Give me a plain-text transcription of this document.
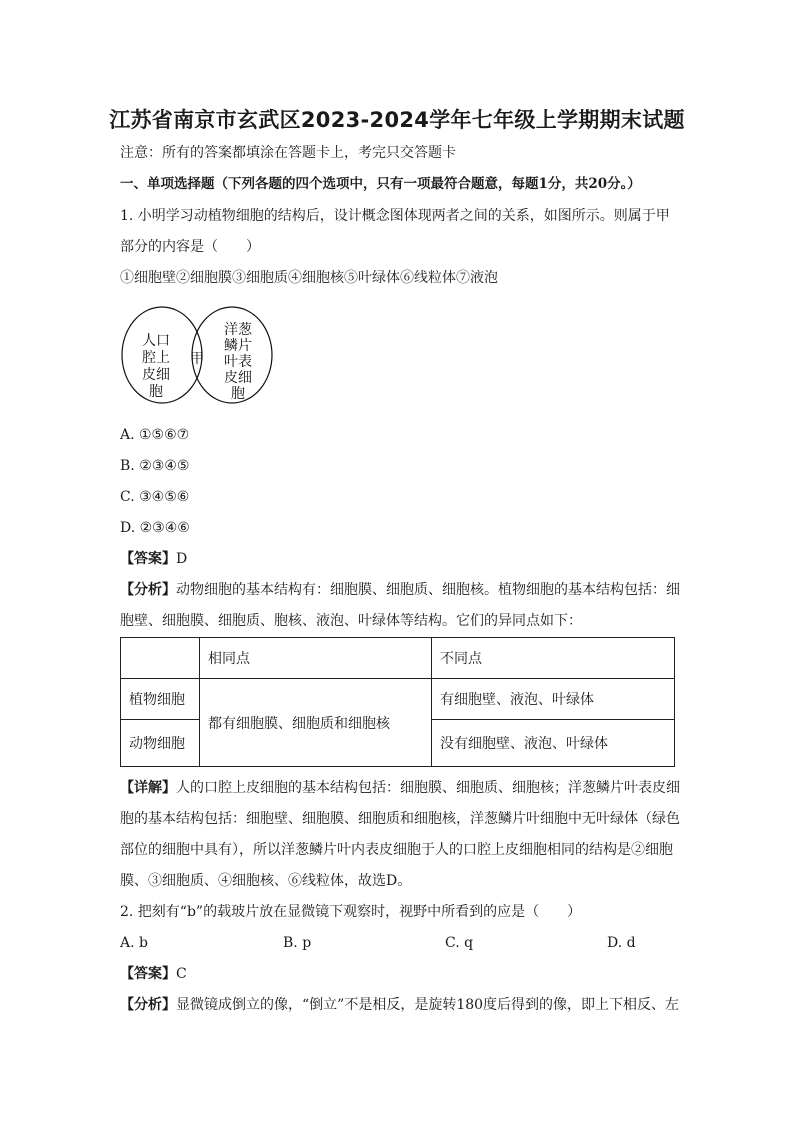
江苏省南京市玄武区2023-2024学年七年级上学期期末试题
注意：所有的答案都填涂在答题卡上，考完只交答题卡
一、单项选择题（下列各题的四个选项中，只有一项最符合题意，每题1分，共20分。）
1. 小明学习动植物细胞的结构后，设计概念图体现两者之间的关系，如图所示。则属于甲
部分的内容是（　　）
①细胞壁②细胞膜③细胞质④细胞核⑤叶绿体⑥线粒体⑦液泡
人口
腔上
皮细
胞
甲
洋葱
鳞片
叶表
皮细
胞
A. ①⑤⑥⑦
B. ②③④⑤
C. ③④⑤⑥
D. ②③④⑥
【答案】D
【分析】动物细胞的基本结构有：细胞膜、细胞质、细胞核。植物细胞的基本结构包括：细
胞壁、细胞膜、细胞质、胞核、液泡、叶绿体等结构。它们的异同点如下：
	相同点	不同点
植物细胞	都有细胞膜、细胞质和细胞核	有细胞壁、液泡、叶绿体
动物细胞		没有细胞壁、液泡、叶绿体
【详解】人的口腔上皮细胞的基本结构包括：细胞膜、细胞质、细胞核；洋葱鳞片叶表皮细
胞的基本结构包括：细胞壁、细胞膜、细胞质和细胞核，洋葱鳞片叶细胞中无叶绿体（绿色
部位的细胞中具有），所以洋葱鳞片叶内表皮细胞于人的口腔上皮细胞相同的结构是②细胞
膜、③细胞质、④细胞核、⑥线粒体，故选D。
2. 把刻有“b”的载玻片放在显微镜下观察时，视野中所看到的应是（　　）
A. b	B. p	C. q	D. d
【答案】C
【分析】显微镜成倒立的像，“倒立”不是相反，是旋转180度后得到的像，即上下相反、左
